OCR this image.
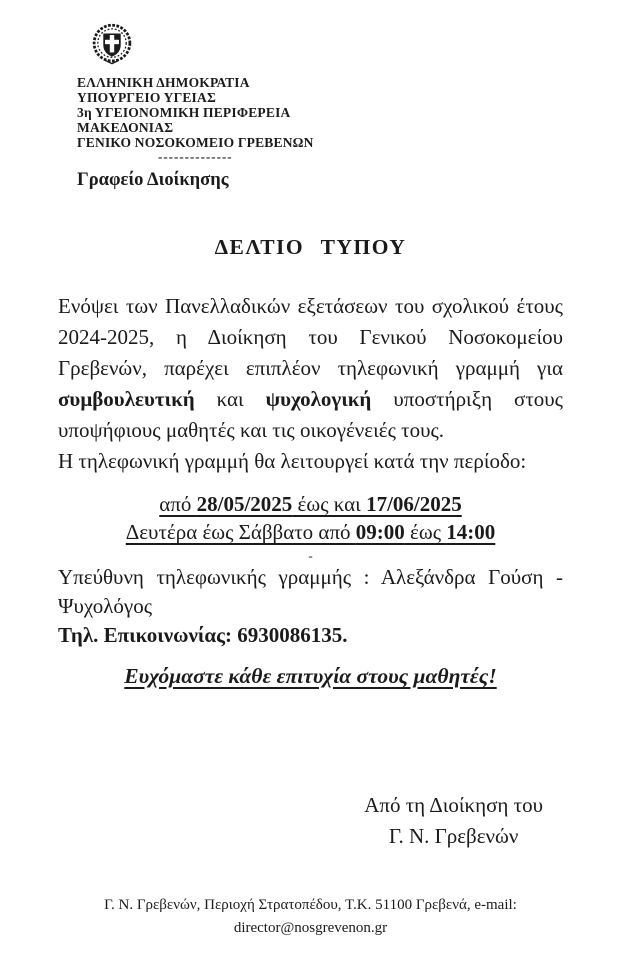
ΕΛΛΗΝΙΚΗ ΔΗΜΟΚΡΑΤΙΑ
ΥΠΟΥΡΓΕΙΟ ΥΓΕΙΑΣ
3η ΥΓΕΙΟΝΟΜΙΚΗ ΠΕΡΙΦΕΡΕΙΑ
ΜΑΚΕΔΟΝΙΑΣ
ΓΕΝΙΚΟ ΝΟΣΟΚΟΜΕΙΟ ΓΡΕΒΕΝΩΝ
--------------
Γραφείο Διοίκησης
ΔΕΛΤΙΟ ΤΥΠΟΥ

Ενόψει των Πανελλαδικών εξετάσεων του σχολικού έτους 2024-2025, η Διοίκηση του Γενικού Νοσοκομείου Γρεβενών, παρέχει επιπλέον τηλεφωνική γραμμή για συμβουλευτική και ψυχολογική υποστήριξη στους υποψήφιους μαθητές και τις οικογένειές τους.

Η τηλεφωνική γραμμή θα λειτουργεί κατά την περίοδο:

από 28/05/2025 έως και 17/06/2025
Δευτέρα έως Σάββατο από 09:00 έως 14:00
-

Υπεύθυνη τηλεφωνικής γραμμής : Αλεξάνδρα Γούση - Ψυχολόγος

Τηλ. Επικοινωνίας: 6930086135.

Ευχόμαστε κάθε επιτυχία στους μαθητές!
Από τη Διοίκηση του
Γ. Ν. Γρεβενών
Γ. Ν. Γρεβενών, Περιοχή Στρατοπέδου, Τ.Κ. 51100 Γρεβενά, e-mail:
director@nosgrevenon.gr
